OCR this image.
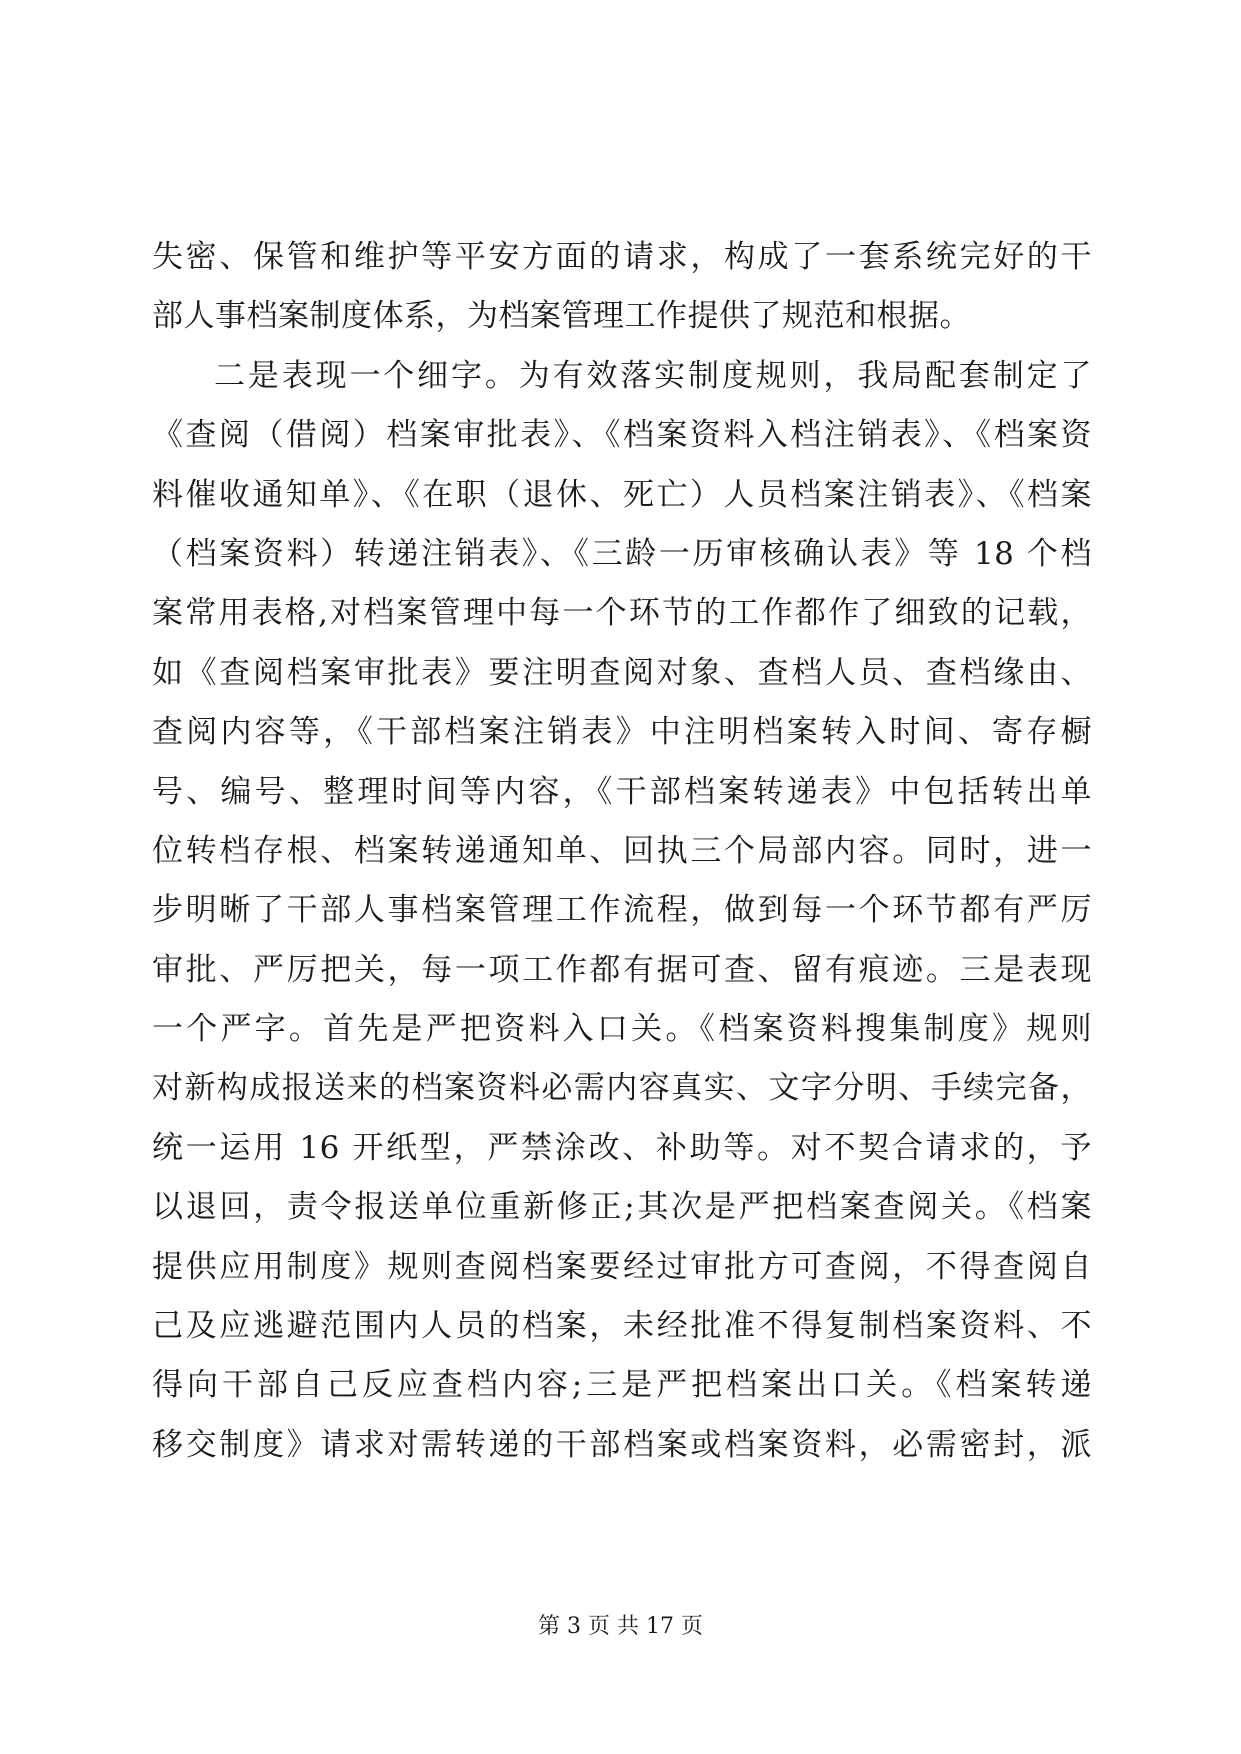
失密、保管和维护等平安方面的请求，构成了一套系统完好的干
部人事档案制度体系，为档案管理工作提供了规范和根据。
二是表现一个细字。为有效落实制度规则，我局配套制定了
《查阅（借阅）档案审批表》、《档案资料入档注销表》、《档案资
料催收通知单》、《在职（退休、死亡）人员档案注销表》、《档案
（档案资料）转递注销表》、《三龄一历审核确认表》等 18 个档
案常用表格,对档案管理中每一个环节的工作都作了细致的记载，
如《查阅档案审批表》要注明查阅对象、查档人员、查档缘由、
查阅内容等，《干部档案注销表》中注明档案转入时间、寄存橱
号、编号、整理时间等内容，《干部档案转递表》中包括转出单
位转档存根、档案转递通知单、回执三个局部内容。同时，进一
步明晰了干部人事档案管理工作流程，做到每一个环节都有严厉
审批、严厉把关，每一项工作都有据可查、留有痕迹。三是表现
一个严字。首先是严把资料入口关。《档案资料搜集制度》规则
对新构成报送来的档案资料必需内容真实、文字分明、手续完备，
统一运用 16 开纸型，严禁涂改、补助等。对不契合请求的，予
以退回，责令报送单位重新修正;其次是严把档案查阅关。《档案
提供应用制度》规则查阅档案要经过审批方可查阅，不得查阅自
己及应逃避范围内人员的档案，未经批准不得复制档案资料、不
得向干部自己反应查档内容;三是严把档案出口关。《档案转递
移交制度》请求对需转递的干部档案或档案资料，必需密封，派
第 3 页 共 17 页
